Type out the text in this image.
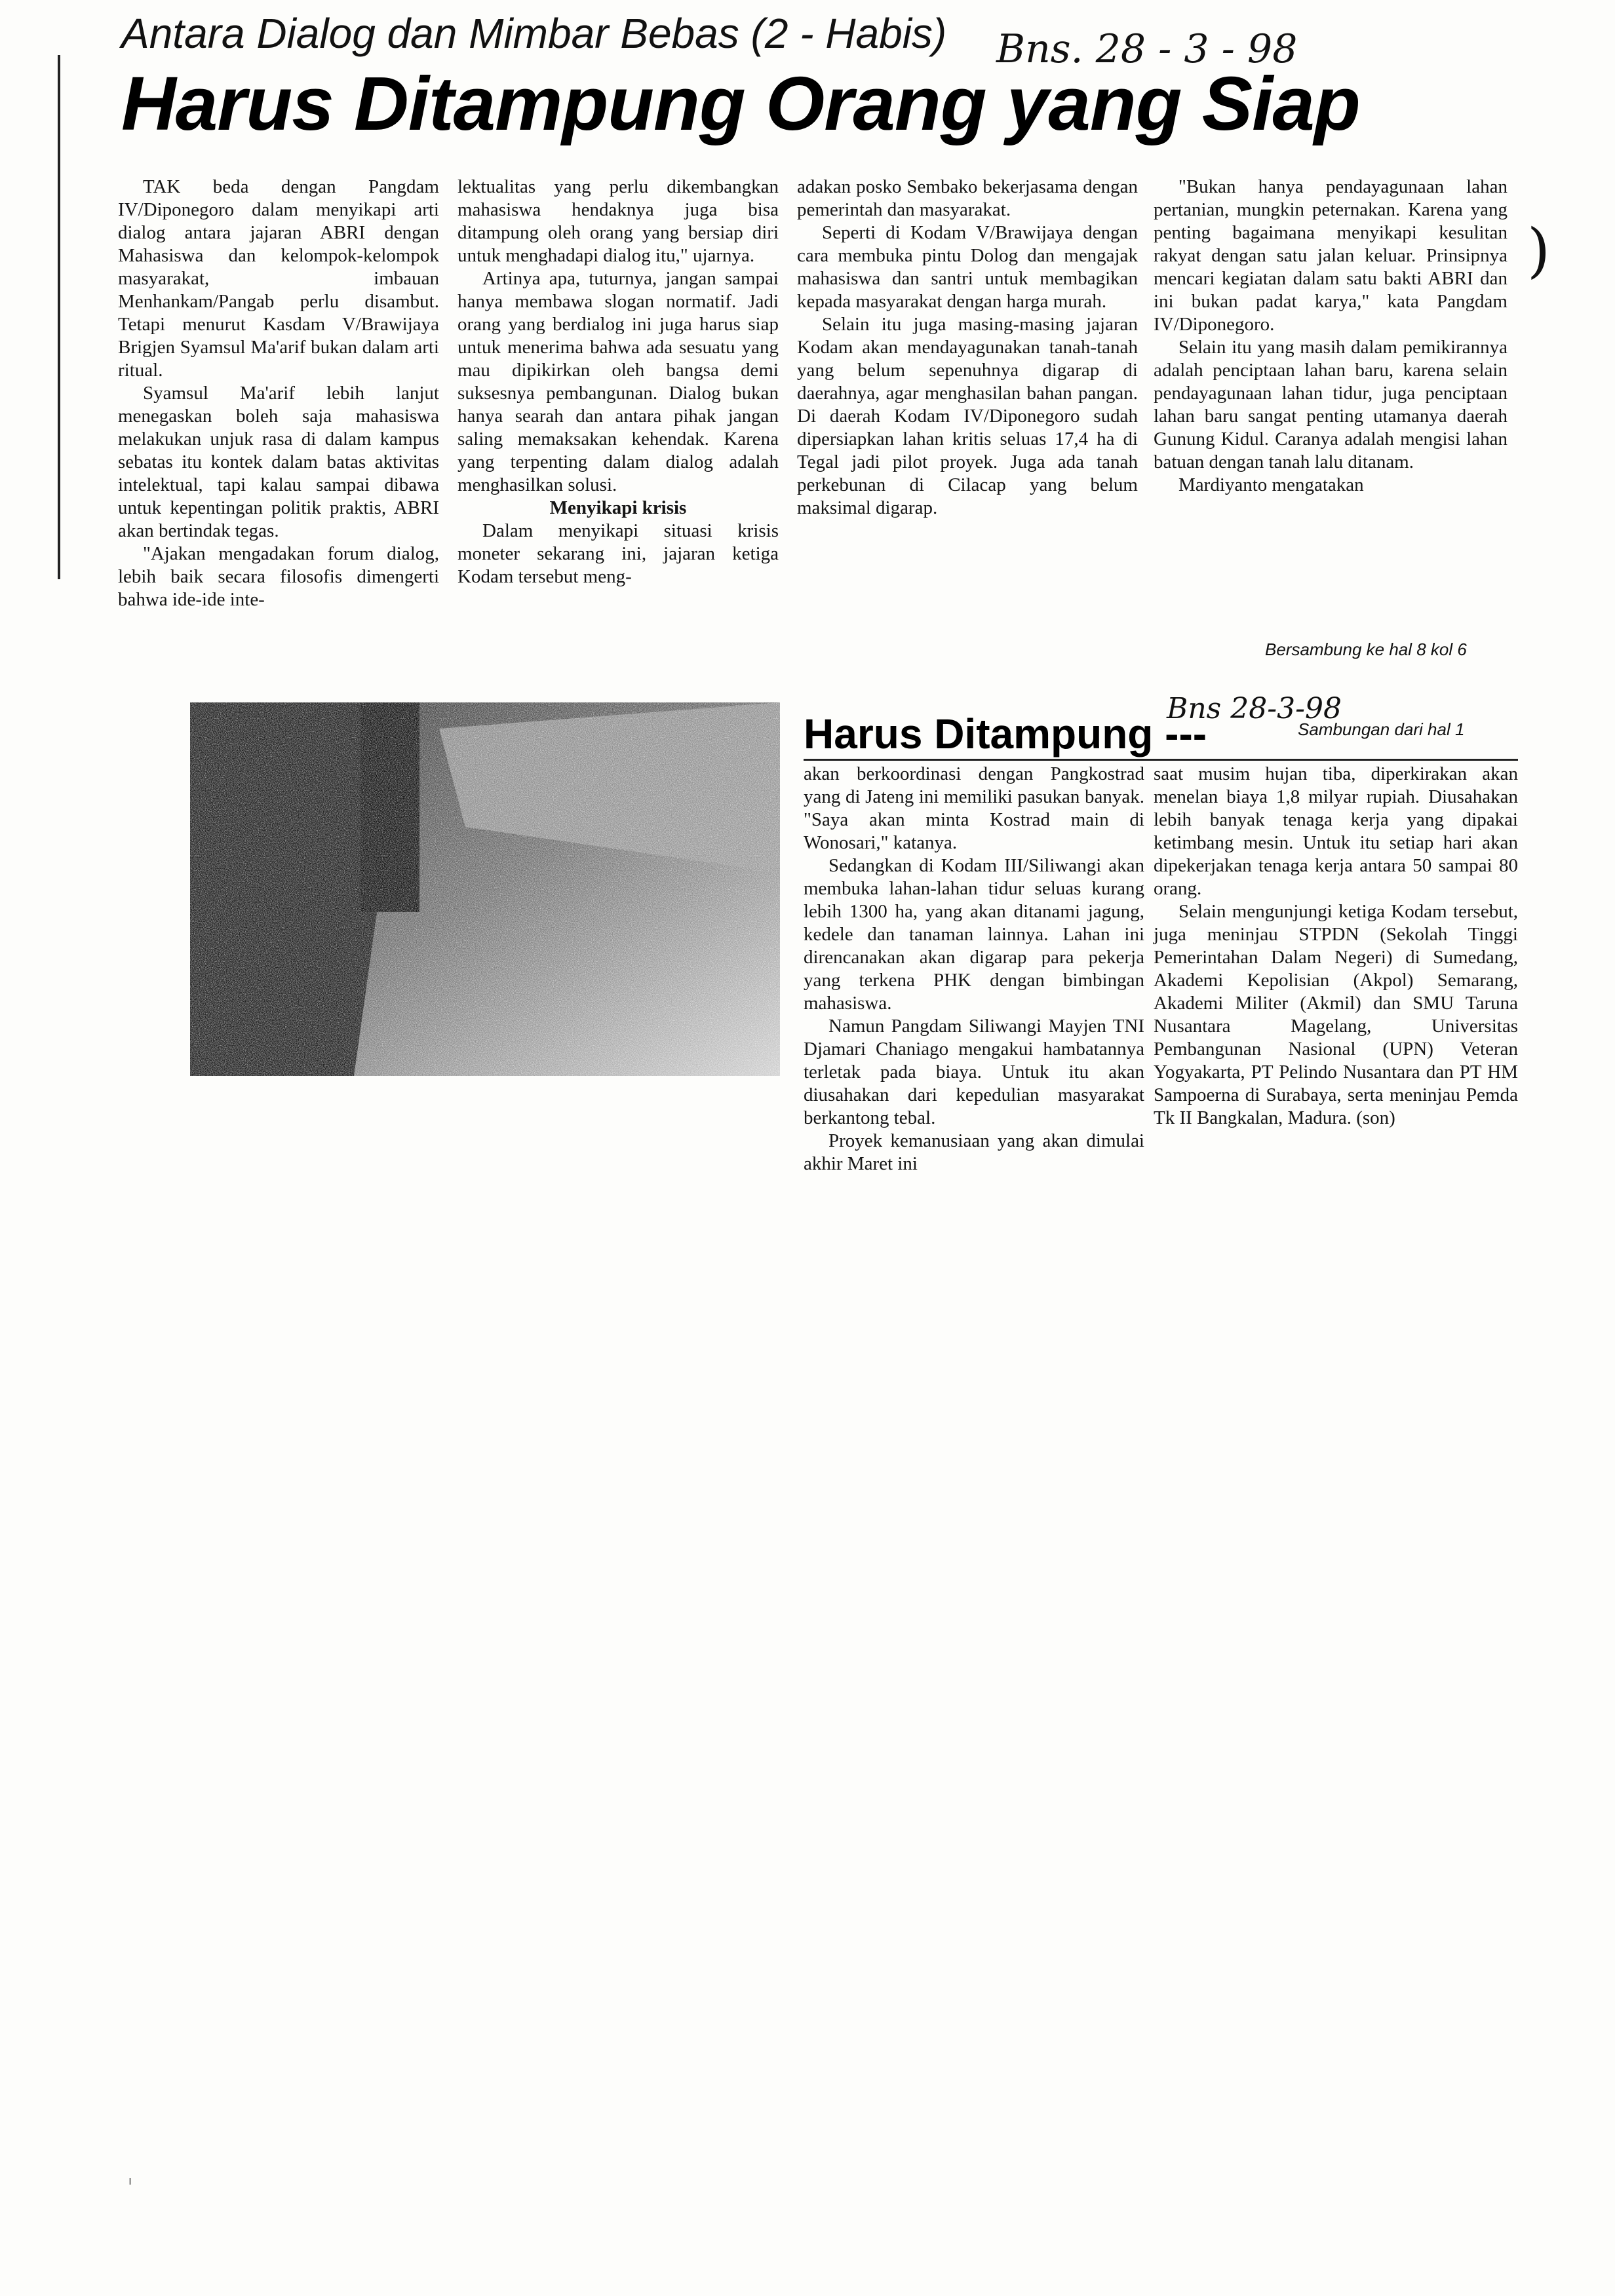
Antara Dialog dan Mimbar Bebas (2 - Habis) Bns. 28 - 3 - 98
Harus Ditampung Orang yang Siap

TAK beda dengan Pangdam IV/Diponegoro dalam menyikapi arti dialog antara jajaran ABRI dengan Mahasiswa dan kelompok-kelompok masyarakat, imbauan Menhankam/Pangab perlu disambut. Tetapi menurut Kasdam V/Brawijaya Brigjen Syamsul Ma'arif bukan dalam arti ritual.

Syamsul Ma'arif lebih lanjut menegaskan boleh saja mahasiswa melakukan unjuk rasa di dalam kampus sebatas itu kontek dalam batas aktivitas intelektual, tapi kalau sampai dibawa untuk kepentingan politik praktis, ABRI akan bertindak tegas.

"Ajakan mengadakan forum dialog, lebih baik secara filosofis dimengerti bahwa ide-ide inte-

lektualitas yang perlu dikembangkan mahasiswa hendaknya juga bisa ditampung oleh orang yang bersiap diri untuk menghadapi dialog itu," ujarnya.

Artinya apa, tuturnya, jangan sampai hanya membawa slogan normatif. Jadi orang yang berdialog ini juga harus siap untuk menerima bahwa ada sesuatu yang mau dipikirkan oleh bangsa demi suksesnya pembangunan. Dialog bukan hanya searah dan antara pihak jangan saling memaksakan kehendak. Karena yang terpenting dalam dialog adalah menghasilkan solusi.

Menyikapi krisis

Dalam menyikapi situasi krisis moneter sekarang ini, jajaran ketiga Kodam tersebut meng-

adakan posko Sembako bekerjasama dengan pemerintah dan masyarakat.

Seperti di Kodam V/Brawijaya dengan cara membuka pintu Dolog dan mengajak mahasiswa dan santri untuk membagikan kepada masyarakat dengan harga murah.

Selain itu juga masing-masing jajaran Kodam akan mendayagunakan tanah-tanah yang belum sepenuhnya digarap di daerahnya, agar menghasilan bahan pangan. Di daerah Kodam IV/Diponegoro sudah dipersiapkan lahan kritis seluas 17,4 ha di Tegal jadi pilot proyek. Juga ada tanah perkebunan di Cilacap yang belum maksimal digarap.

"Bukan hanya pendayagunaan lahan pertanian, mungkin peternakan. Karena yang penting bagaimana menyikapi kesulitan rakyat dengan satu jalan keluar. Prinsipnya mencari kegiatan dalam satu bakti ABRI dan ini bukan padat karya," kata Pangdam IV/Diponegoro.

Selain itu yang masih dalam pemikirannya adalah penciptaan lahan baru, karena selain pendayagunaan lahan tidur, juga penciptaan lahan baru sangat penting utamanya daerah Gunung Kidul. Caranya adalah mengisi lahan batuan dengan tanah lalu ditanam.

Mardiyanto mengatakan

)
Bersambung ke hal 8 kol 6
Harus Ditampung ---
Bns 28-3-98
Sambungan dari hal 1

akan berkoordinasi dengan Pangkostrad yang di Jateng ini memiliki pasukan banyak. "Saya akan minta Kostrad main di Wonosari," katanya.

Sedangkan di Kodam III/Siliwangi akan membuka lahan-lahan tidur seluas kurang lebih 1300 ha, yang akan ditanami jagung, kedele dan tanaman lainnya. Lahan ini direncanakan akan digarap para pekerja yang terkena PHK dengan bimbingan mahasiswa.

Namun Pangdam Siliwangi Mayjen TNI Djamari Chaniago mengakui hambatannya terletak pada biaya. Untuk itu akan diusahakan dari kepedulian masyarakat berkantong tebal.

Proyek kemanusiaan yang akan dimulai akhir Maret ini

saat musim hujan tiba, diperkirakan akan menelan biaya 1,8 milyar rupiah. Diusahakan lebih banyak tenaga kerja yang dipakai ketimbang mesin. Untuk itu setiap hari akan dipekerjakan tenaga kerja antara 50 sampai 80 orang.

Selain mengunjungi ketiga Kodam tersebut, juga meninjau STPDN (Sekolah Tinggi Pemerintahan Dalam Negeri) di Sumedang, Akademi Kepolisian (Akpol) Semarang, Akademi Militer (Akmil) dan SMU Taruna Nusantara Magelang, Universitas Pembangunan Nasional (UPN) Veteran Yogyakarta, PT Pelindo Nusantara dan PT HM Sampoerna di Surabaya, serta meninjau Pemda Tk II Bangkalan, Madura. (son)

ı
